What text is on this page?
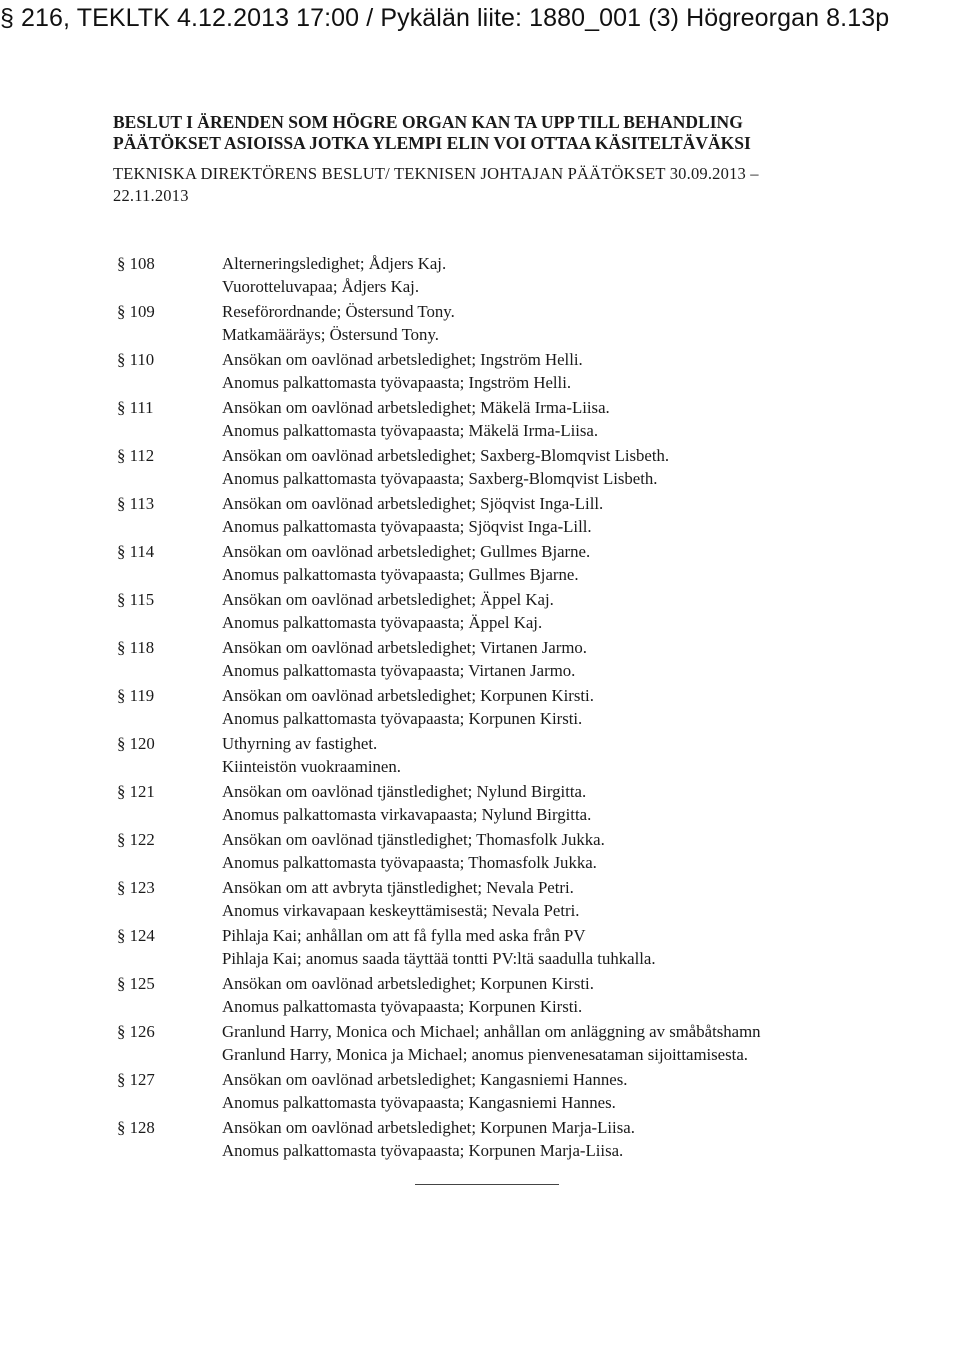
§ 216, TEKLTK 4.12.2013 17:00 / Pykälän liite: 1880_001 (3) Högreorgan 8.13p
BESLUT I ÄRENDEN SOM HÖGRE ORGAN KAN TA UPP TILL BEHANDLING
PÄÄTÖKSET ASIOISSA JOTKA YLEMPI ELIN VOI OTTAA KÄSITELTÄVÄKSI
TEKNISKA DIREKTÖRENS BESLUT/ TEKNISEN JOHTAJAN PÄÄTÖKSET 30.09.2013 –
22.11.2013
§ 108	Alterneringsledighet; Ådjers Kaj.
Vuorotteluvapaa; Ådjers Kaj.
§ 109	Reseförordnande; Östersund Tony.
Matkamääräys; Östersund Tony.
§ 110	Ansökan om oavlönad arbetsledighet; Ingström Helli.
Anomus palkattomasta työvapaasta; Ingström Helli.
§ 111	Ansökan om oavlönad arbetsledighet; Mäkelä Irma-Liisa.
Anomus palkattomasta työvapaasta; Mäkelä Irma-Liisa.
§ 112	Ansökan om oavlönad arbetsledighet; Saxberg-Blomqvist Lisbeth.
Anomus palkattomasta työvapaasta; Saxberg-Blomqvist Lisbeth.
§ 113	Ansökan om oavlönad arbetsledighet; Sjöqvist Inga-Lill.
Anomus palkattomasta työvapaasta; Sjöqvist Inga-Lill.
§ 114	Ansökan om oavlönad arbetsledighet; Gullmes Bjarne.
Anomus palkattomasta työvapaasta; Gullmes Bjarne.
§ 115	Ansökan om oavlönad arbetsledighet; Äppel Kaj.
Anomus palkattomasta työvapaasta; Äppel Kaj.
§ 118	Ansökan om oavlönad arbetsledighet; Virtanen Jarmo.
Anomus palkattomasta työvapaasta; Virtanen Jarmo.
§ 119	Ansökan om oavlönad arbetsledighet; Korpunen Kirsti.
Anomus palkattomasta työvapaasta; Korpunen Kirsti.
§ 120	Uthyrning av fastighet.
Kiinteistön vuokraaminen.
§ 121	Ansökan om oavlönad tjänstledighet; Nylund Birgitta.
Anomus palkattomasta virkavapaasta; Nylund Birgitta.
§ 122	Ansökan om oavlönad tjänstledighet; Thomasfolk Jukka.
Anomus palkattomasta työvapaasta; Thomasfolk Jukka.
§ 123	Ansökan om att avbryta tjänstledighet; Nevala Petri.
Anomus virkavapaan keskeyttämisestä; Nevala Petri.
§ 124	Pihlaja Kai; anhållan om att få fylla med aska från PV
Pihlaja Kai; anomus saada täyttää tontti PV:ltä saadulla tuhkalla.
§ 125	Ansökan om oavlönad arbetsledighet; Korpunen Kirsti.
Anomus palkattomasta työvapaasta; Korpunen Kirsti.
§ 126	Granlund Harry, Monica och Michael; anhållan om anläggning av småbåtshamn
Granlund Harry, Monica ja Michael; anomus pienvenesataman sijoittamisesta.
§ 127	Ansökan om oavlönad arbetsledighet; Kangasniemi Hannes.
Anomus palkattomasta työvapaasta; Kangasniemi Hannes.
§ 128	Ansökan om oavlönad arbetsledighet; Korpunen Marja-Liisa.
Anomus palkattomasta työvapaasta; Korpunen Marja-Liisa.
